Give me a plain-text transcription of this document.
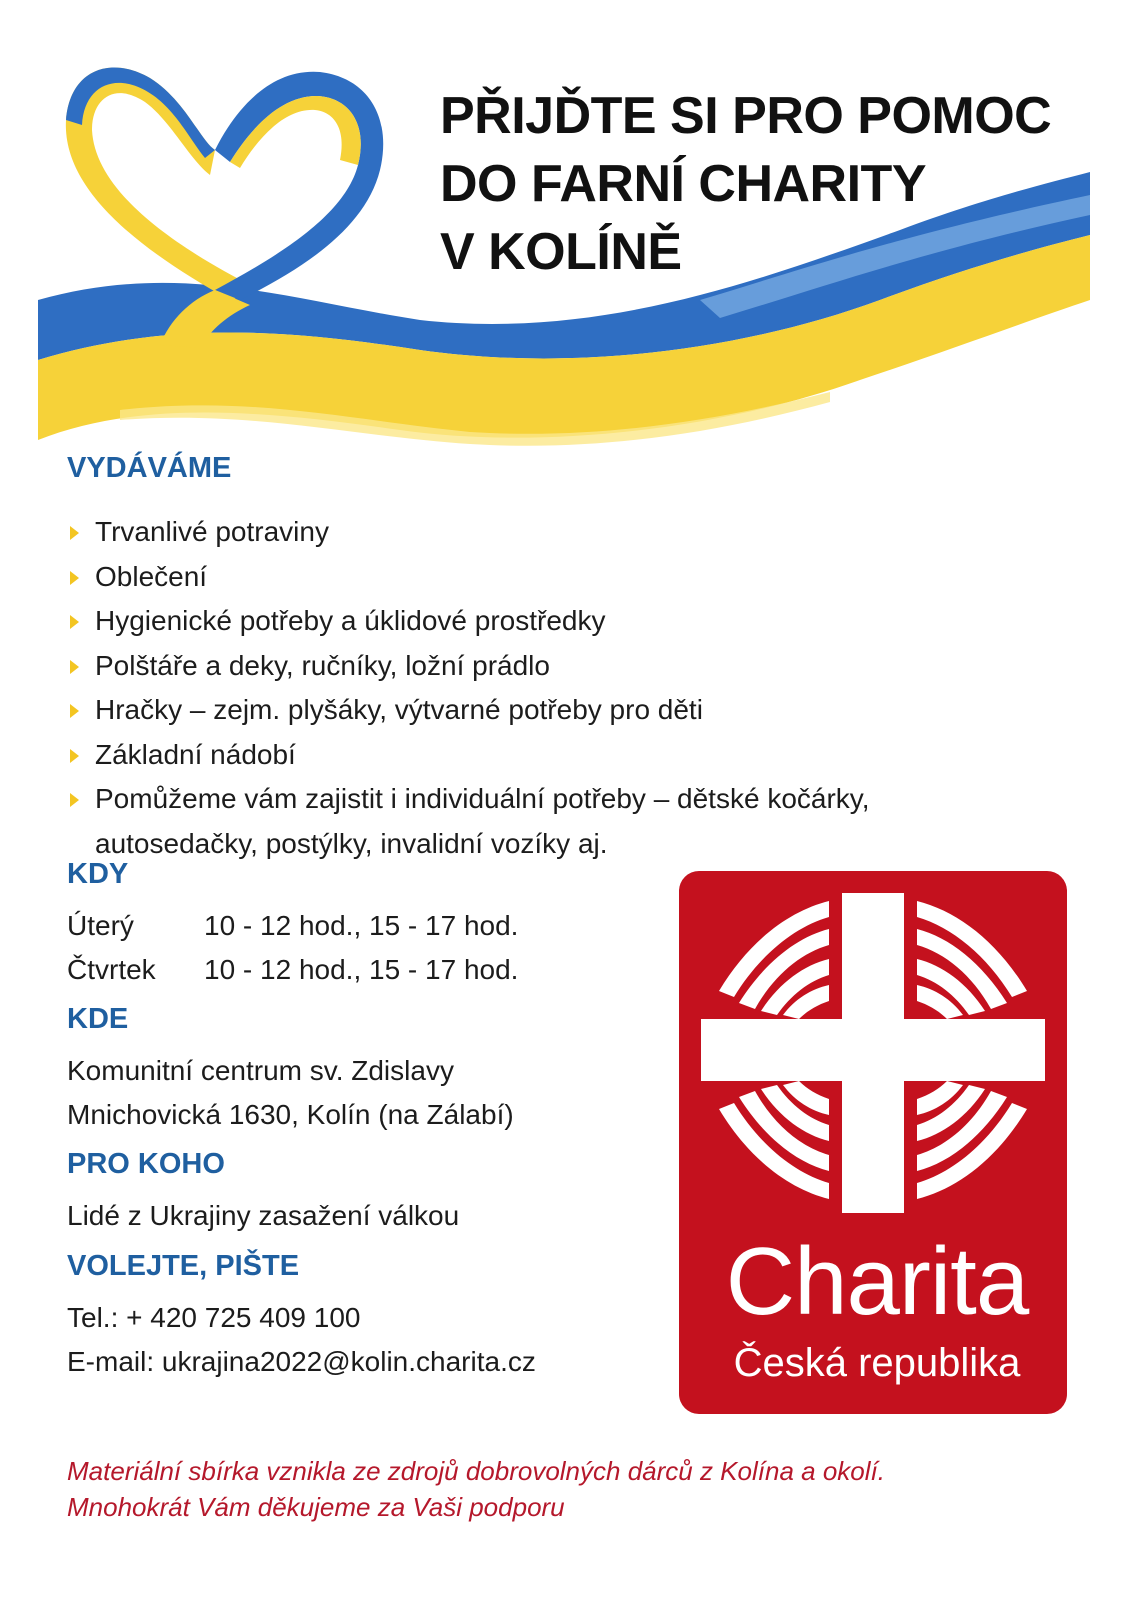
PŘIJĎTE SI PRO POMOC
DO FARNÍ CHARITY
V KOLÍNĚ
VYDÁVÁME
Trvanlivé potraviny
Oblečení
Hygienické potřeby a úklidové prostředky
Polštáře a deky, ručníky, ložní prádlo
Hračky – zejm. plyšáky, výtvarné potřeby pro děti
Základní nádobí
Pomůžeme vám zajistit i individuální potřeby – dětské kočárky, autosedačky, postýlky, invalidní vozíky aj.
KDY
Úterý	10 - 12 hod., 15 - 17 hod.
Čtvrtek 10 - 12 hod., 15 - 17 hod.
KDE
Komunitní centrum sv. Zdislavy
Mnichovická 1630, Kolín (na Zálabí)
PRO KOHO
Lidé z Ukrajiny zasažení válkou
VOLEJTE, PIŠTE
Tel.: + 420 725 409 100
E-mail: ukrajina2022@kolin.charita.cz
Charita
Česká republika
Materiální sbírka vznikla ze zdrojů dobrovolných dárců z Kolína a okolí.
Mnohokrát Vám děkujeme za Vaši podporu
